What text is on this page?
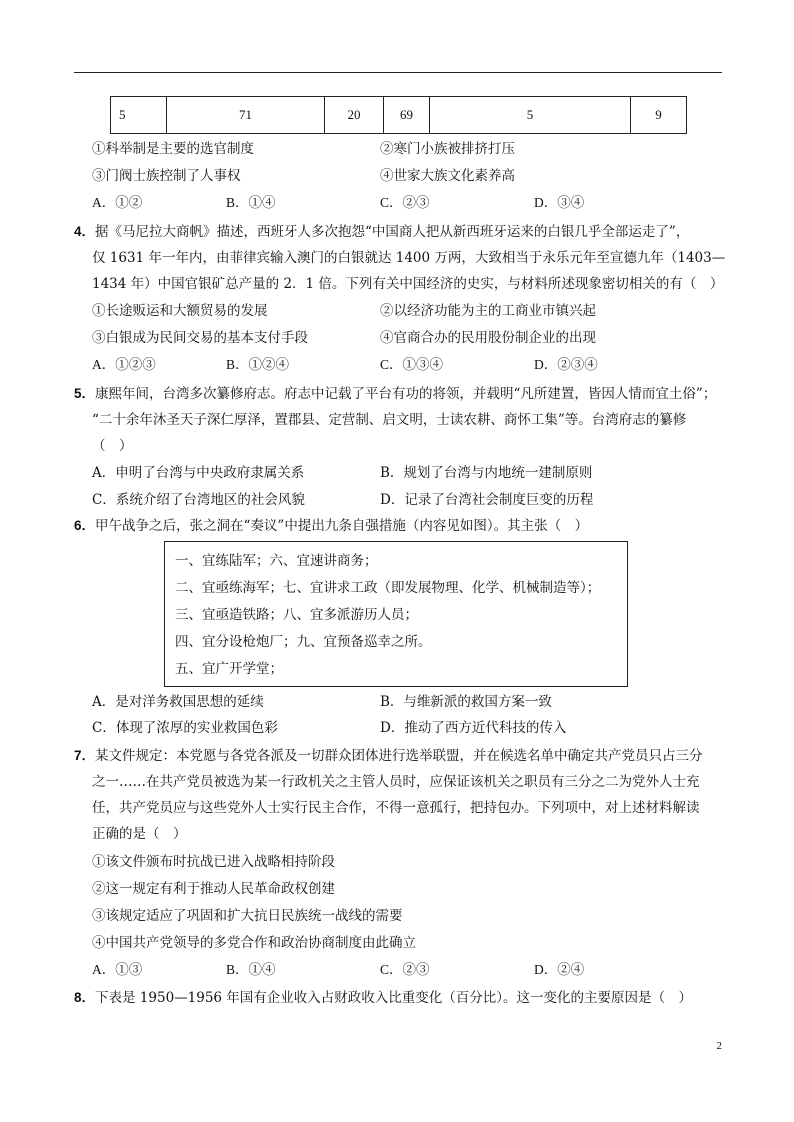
5	71	20	69	5	9
①科举制是主要的选官制度	②寒门小族被排挤打压
③门阀士族控制了人事权	④世家大族文化素养高
A．①②	B．①④	C．②③	D．③④
4．据《马尼拉大商帆》描述，西班牙人多次抱怨“中国商人把从新西班牙运来的白银几乎全部运走了”，
仅 1631 年一年内，由菲律宾输入澳门的白银就达 1400 万两，大致相当于永乐元年至宣德九年（1403—
1434 年）中国官银矿总产量的 2．1 倍。下列有关中国经济的史实，与材料所述现象密切相关的有（　）
①长途贩运和大额贸易的发展	②以经济功能为主的工商业市镇兴起
③白银成为民间交易的基本支付手段	④官商合办的民用股份制企业的出现
A．①②③	B．①②④	C．①③④	D．②③④
5．康熙年间，台湾多次纂修府志。府志中记载了平台有功的将领，并载明“凡所建置，皆因人情而宜土俗”；
“二十余年沐圣天子深仁厚泽，置郡县、定营制、启文明，士读农耕、商怀工集”等。台湾府志的纂修
（　）
A．申明了台湾与中央政府隶属关系	B．规划了台湾与内地统一建制原则
C．系统介绍了台湾地区的社会风貌	D．记录了台湾社会制度巨变的历程
6．甲午战争之后，张之洞在“奏议”中提出九条自强措施（内容见如图）。其主张（　）
一、宜练陆军；六、宜速讲商务；
二、宜亟练海军；七、宜讲求工政（即发展物理、化学、机械制造等）；
三、宜亟造铁路；八、宜多派游历人员；
四、宜分设枪炮厂；九、宜预备巡幸之所。
五、宜广开学堂；
A．是对洋务救国思想的延续	B．与维新派的救国方案一致
C．体现了浓厚的实业救国色彩	D．推动了西方近代科技的传入
7．某文件规定：本党愿与各党各派及一切群众团体进行选举联盟，并在候选名单中确定共产党员只占三分
之一……在共产党员被选为某一行政机关之主管人员时，应保证该机关之职员有三分之二为党外人士充
任，共产党员应与这些党外人士实行民主合作，不得一意孤行，把持包办。下列项中，对上述材料解读
正确的是（　）
①该文件颁布时抗战已进入战略相持阶段
②这一规定有利于推动人民革命政权创建
③该规定适应了巩固和扩大抗日民族统一战线的需要
④中国共产党领导的多党合作和政治协商制度由此确立
A．①③	B．①④	C．②③	D．②④
8．下表是 1950—1956 年国有企业收入占财政收入比重变化（百分比）。这一变化的主要原因是（　）
2
